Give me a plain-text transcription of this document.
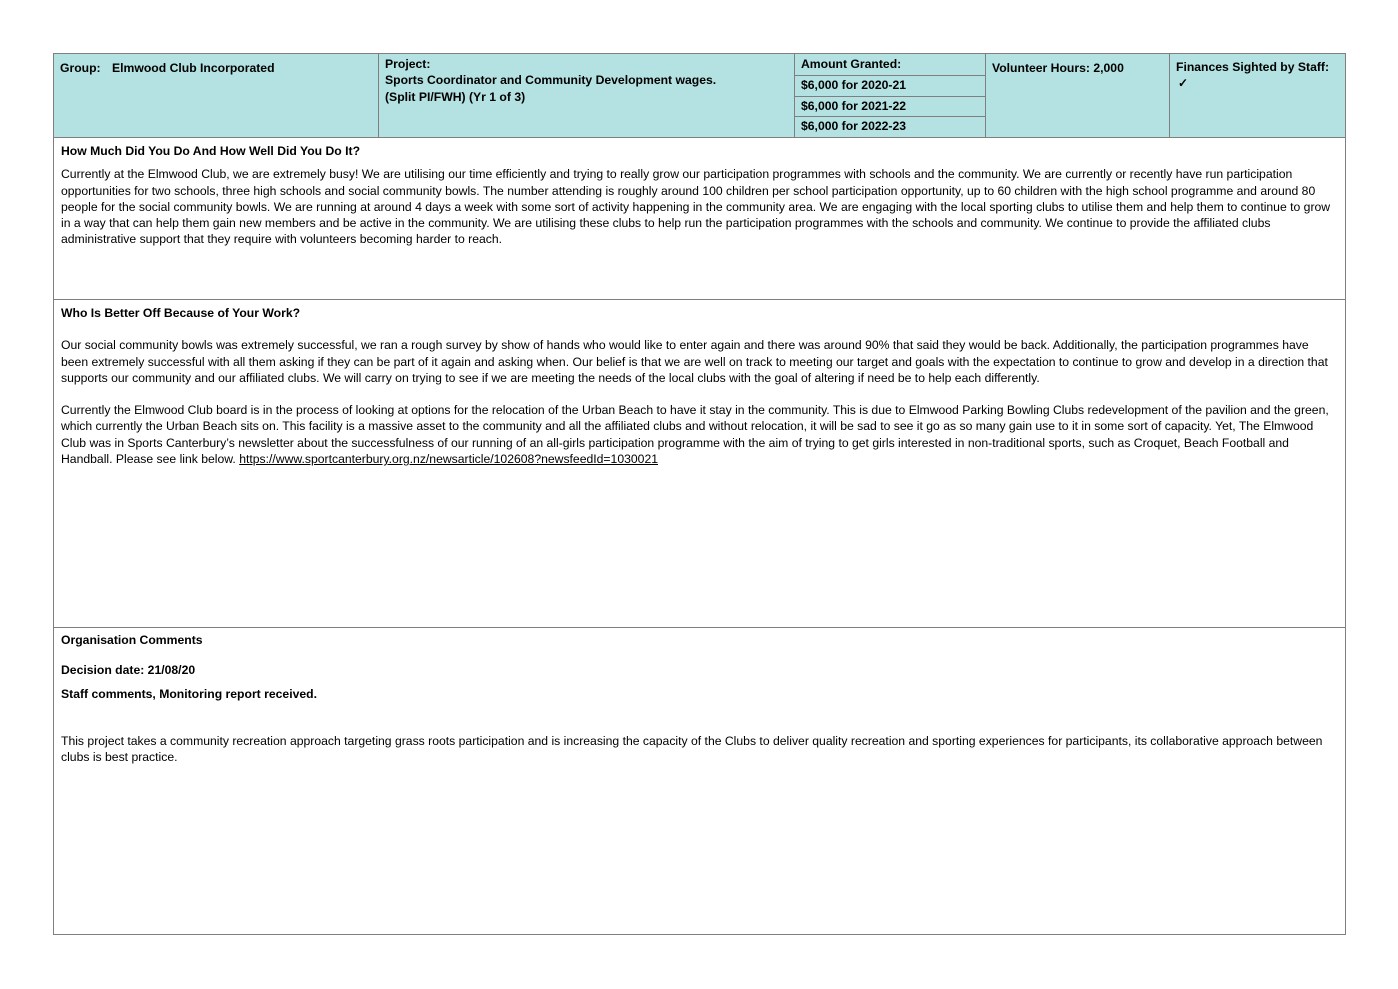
Group: Elmwood Club Incorporated	Project:
Sports Coordinator and Community Development wages.
(Split PI/FWH) (Yr 1 of 3)
Amount Granted:
$6,000 for 2020-21
$6,000 for 2021-22
$6,000 for 2022-23
Volunteer Hours: 2,000	Finances Sighted by Staff: ✓
How Much Did You Do And How Well Did You Do It?

Currently at the Elmwood Club, we are extremely busy! We are utilising our time efficiently and trying to really grow our participation programmes with schools and the community. We are currently or recently have run participation opportunities for two schools, three high schools and social community bowls. The number attending is roughly around 100 children per school participation opportunity, up to 60 children with the high school programme and around 80 people for the social community bowls. We are running at around 4 days a week with some sort of activity happening in the community area. We are engaging with the local sporting clubs to utilise them and help them to continue to grow in a way that can help them gain new members and be active in the community. We are utilising these clubs to help run the participation programmes with the schools and community. We continue to provide the affiliated clubs administrative support that they require with volunteers becoming harder to reach.

Who Is Better Off Because of Your Work?

Our social community bowls was extremely successful, we ran a rough survey by show of hands who would like to enter again and there was around 90% that said they would be back. Additionally, the participation programmes have been extremely successful with all them asking if they can be part of it again and asking when. Our belief is that we are well on track to meeting our target and goals with the expectation to continue to grow and develop in a direction that supports our community and our affiliated clubs. We will carry on trying to see if we are meeting the needs of the local clubs with the goal of altering if need be to help each differently.

Currently the Elmwood Club board is in the process of looking at options for the relocation of the Urban Beach to have it stay in the community. This is due to Elmwood Parking Bowling Clubs redevelopment of the pavilion and the green, which currently the Urban Beach sits on. This facility is a massive asset to the community and all the affiliated clubs and without relocation, it will be sad to see it go as so many gain use to it in some sort of capacity. Yet, The Elmwood Club was in Sports Canterbury’s newsletter about the successfulness of our running of an all-girls participation programme with the aim of trying to get girls interested in non-traditional sports, such as Croquet, Beach Football and Handball. Please see link below. https://www.sportcanterbury.org.nz/newsarticle/102608?newsfeedId=1030021

Organisation Comments
Decision date: 21/08/20
Staff comments, Monitoring report received.

This project takes a community recreation approach targeting grass roots participation and is increasing the capacity of the Clubs to deliver quality recreation and sporting experiences for participants, its collaborative approach between clubs is best practice.
